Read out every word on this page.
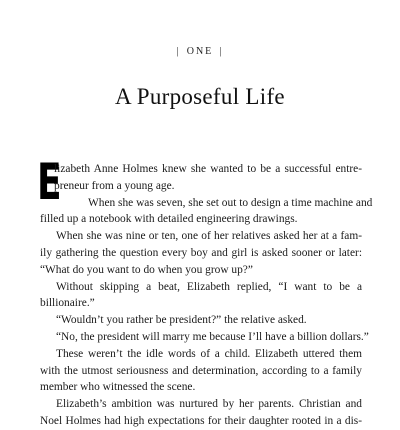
| ONE |
A Purposeful Life
E
lizabeth Anne Holmes knew she wanted to be a successful entre-
preneur from a young age.
When she was seven, she set out to design a time machine and
filled up a notebook with detailed engineering drawings.
When she was nine or ten, one of her relatives asked her at a fam-
ily gathering the question every boy and girl is asked sooner or later:
“What do you want to do when you grow up?”
Without skipping a beat, Elizabeth replied, “I want to be a
billionaire.”
“Wouldn’t you rather be president?” the relative asked.
“No, the president will marry me because I’ll have a billion dollars.”
These weren’t the idle words of a child. Elizabeth uttered them
with the utmost seriousness and determination, according to a family
member who witnessed the scene.
Elizabeth’s ambition was nurtured by her parents. Christian and
Noel Holmes had high expectations for their daughter rooted in a dis-
